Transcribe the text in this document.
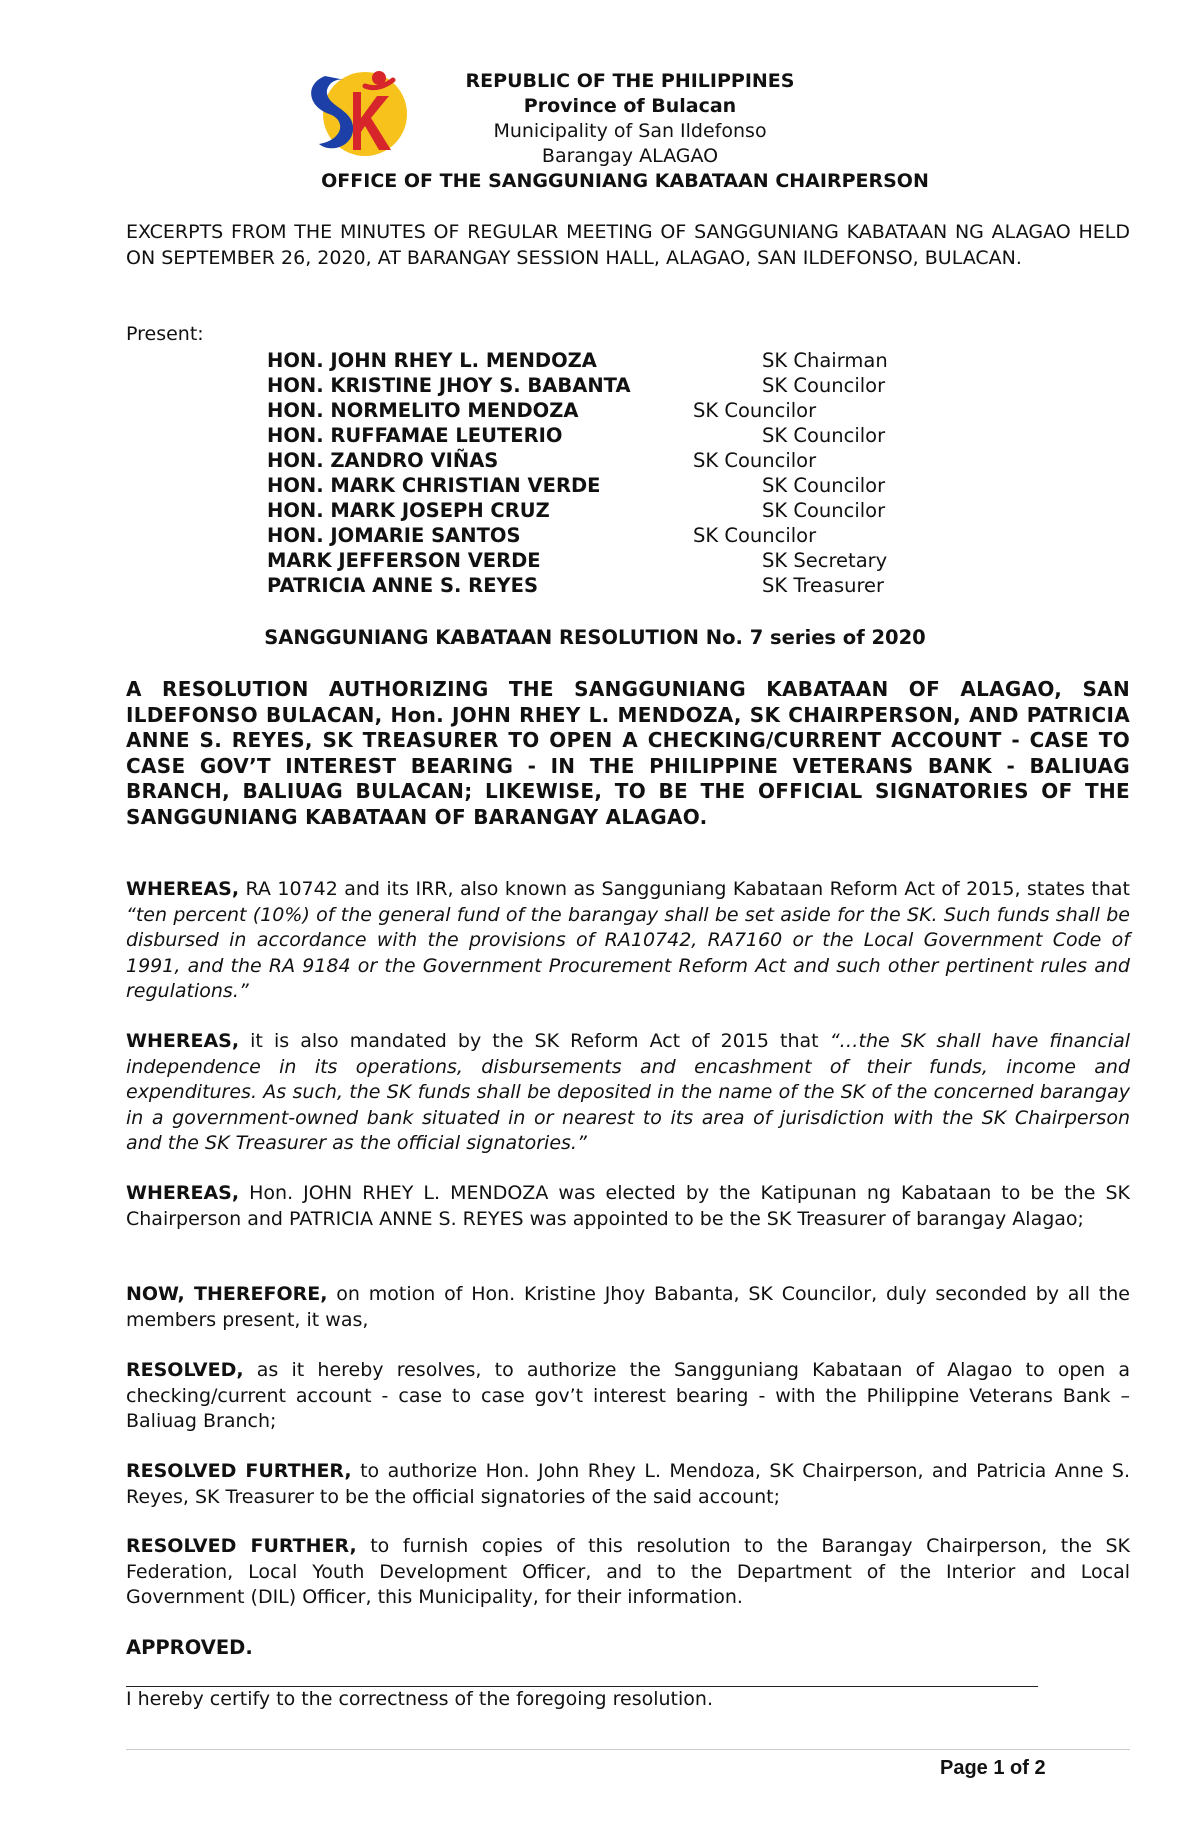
REPUBLIC OF THE PHILIPPINES
Province of Bulacan
Municipality of San Ildefonso
Barangay ALAGAO
OFFICE OF THE SANGGUNIANG KABATAAN CHAIRPERSON
EXCERPTS FROM THE MINUTES OF REGULAR MEETING OF SANGGUNIANG KABATAAN NG ALAGAO HELD ON SEPTEMBER 26, 2020, AT BARANGAY SESSION HALL, ALAGAO, SAN ILDEFONSO, BULACAN.
Present:
HON. JOHN RHEY L. MENDOZA	SK Chairman
HON. KRISTINE JHOY S. BABANTA	SK Councilor
HON. NORMELITO MENDOZA	SK Councilor
HON. RUFFAMAE LEUTERIO	SK Councilor
HON. ZANDRO VIÑAS	SK Councilor
HON. MARK CHRISTIAN VERDE	SK Councilor
HON. MARK JOSEPH CRUZ	SK Councilor
HON. JOMARIE SANTOS	SK Councilor
MARK JEFFERSON VERDE	SK Secretary
PATRICIA ANNE S. REYES	SK Treasurer
SANGGUNIANG KABATAAN RESOLUTION No. 7 series of 2020
A RESOLUTION AUTHORIZING THE SANGGUNIANG KABATAAN OF ALAGAO, SAN ILDEFONSO BULACAN, Hon. JOHN RHEY L. MENDOZA, SK CHAIRPERSON, AND PATRICIA ANNE S. REYES, SK TREASURER TO OPEN A CHECKING/CURRENT ACCOUNT - CASE TO CASE GOV’T INTEREST BEARING - IN THE PHILIPPINE VETERANS BANK - BALIUAG BRANCH, BALIUAG BULACAN; LIKEWISE, TO BE THE OFFICIAL SIGNATORIES OF THE SANGGUNIANG KABATAAN OF BARANGAY ALAGAO.
WHEREAS, RA 10742 and its IRR, also known as Sangguniang Kabataan Reform Act of 2015, states that “ten percent (10%) of the general fund of the barangay shall be set aside for the SK. Such funds shall be disbursed in accordance with the provisions of RA10742, RA7160 or the Local Government Code of 1991, and the RA 9184 or the Government Procurement Reform Act and such other pertinent rules and regulations.”
WHEREAS, it is also mandated by the SK Reform Act of 2015 that “…the SK shall have financial independence in its operations, disbursements and encashment of their funds, income and expenditures. As such, the SK funds shall be deposited in the name of the SK of the concerned barangay in a government-owned bank situated in or nearest to its area of jurisdiction with the SK Chairperson and the SK Treasurer as the official signatories.”
WHEREAS, Hon. JOHN RHEY L. MENDOZA was elected by the Katipunan ng Kabataan to be the SK Chairperson and PATRICIA ANNE S. REYES was appointed to be the SK Treasurer of barangay Alagao;
NOW, THEREFORE, on motion of Hon. Kristine Jhoy Babanta, SK Councilor, duly seconded by all the members present, it was,
RESOLVED, as it hereby resolves, to authorize the Sangguniang Kabataan of Alagao to open a checking/current account - case to case gov’t interest bearing - with the Philippine Veterans Bank – Baliuag Branch;
RESOLVED FURTHER, to authorize Hon. John Rhey L. Mendoza, SK Chairperson, and Patricia Anne S. Reyes, SK Treasurer to be the official signatories of the said account;
RESOLVED FURTHER, to furnish copies of this resolution to the Barangay Chairperson, the SK Federation, Local Youth Development Officer, and to the Department of the Interior and Local Government (DIL) Officer, this Municipality, for their information.
APPROVED.
I hereby certify to the correctness of the foregoing resolution.
Page 1 of 2
